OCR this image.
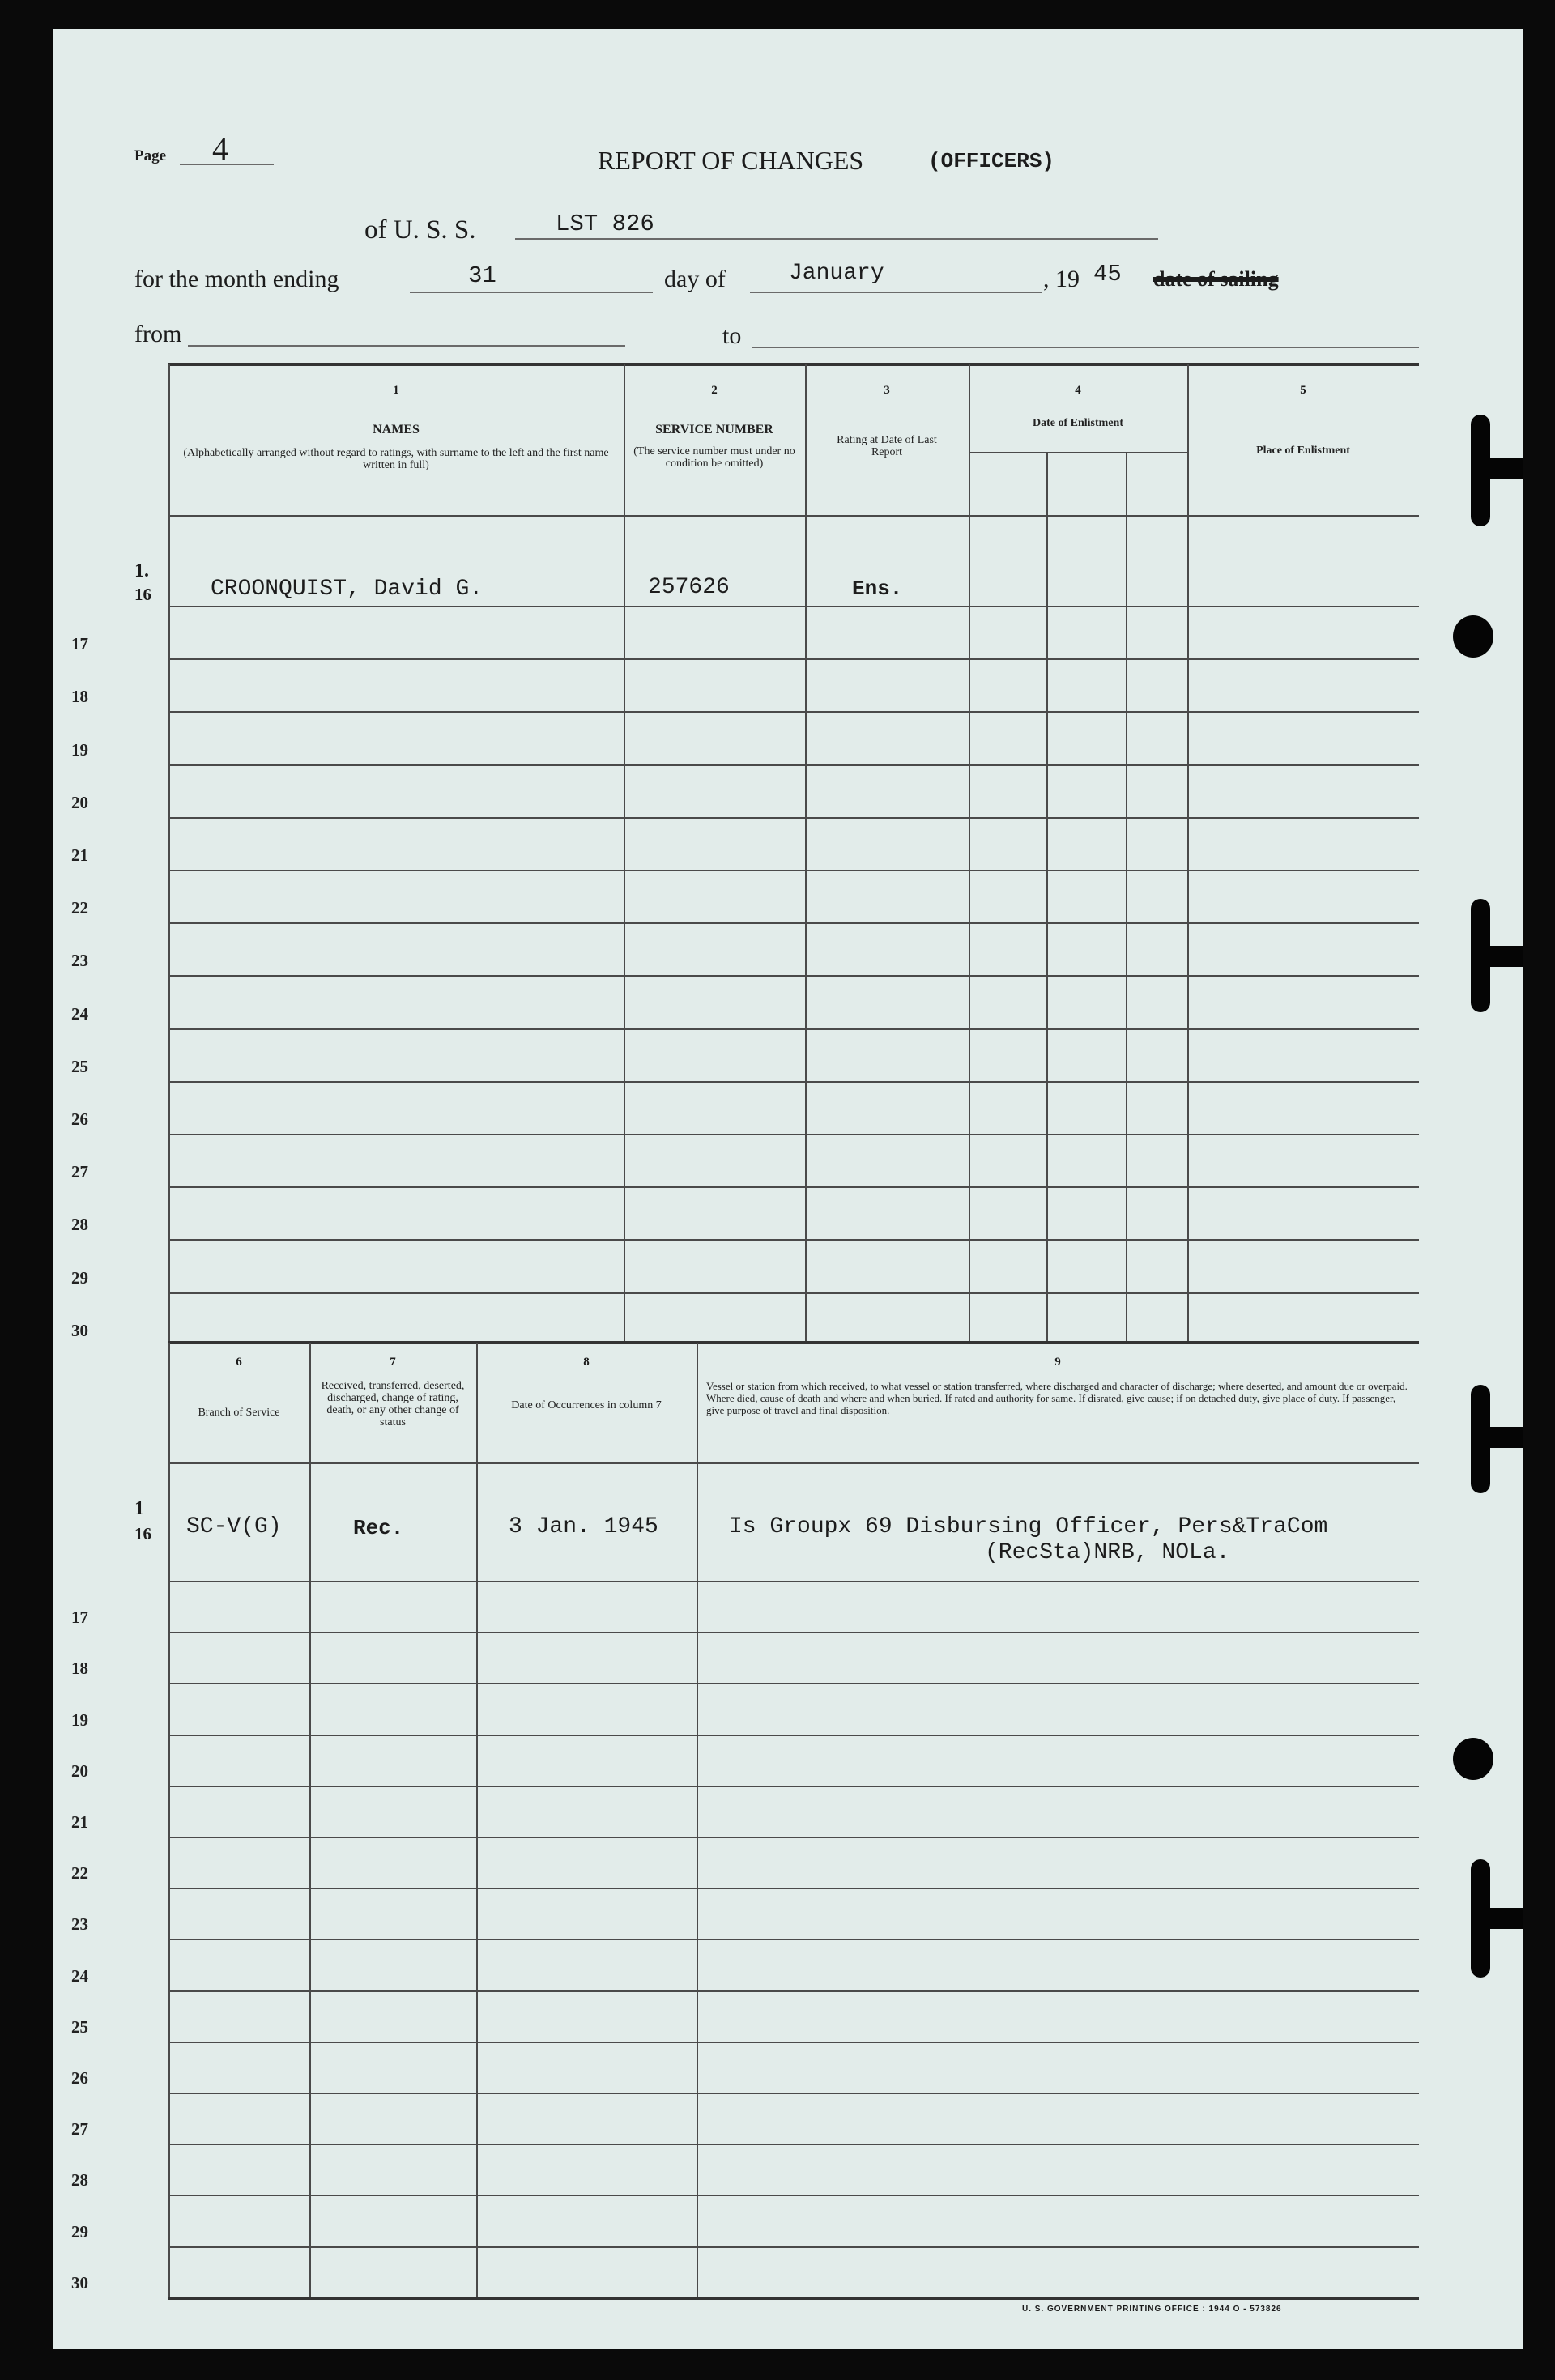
Page 4	REPORT OF CHANGES	(OFFICERS)
of U. S. S.	LST 826
for the month ending	31	day of	January	, 19 45 date of sailing
from	to
1
NAMES
(Alphabetically arranged without regard to ratings, with surname to the left and the first name written in full)
2
SERVICE NUMBER
(The service number must under no condition be omitted)
3
Rating at Date of Last Report
4
Date of Enlistment
5
Place of Enlistment
1.
16	CROONQUIST, David G.	257626	Ens.
17
18
19
20
21
22
23
24
25
26
27
28
29
30
6
Branch of Service
7
Received, transferred, deserted, discharged, change of rating, death, or any other change of status
8
Date of Occurrences in column 7
9
Vessel or station from which received, to what vessel or station transferred, where discharged and character of discharge; where deserted, and amount due or overpaid. Where died, cause of death and where and when buried. If rated and authority for same. If disrated, give cause; if on detached duty, give place of duty. If passenger, give purpose of travel and final disposition.
1
16 SC-V(G)	Rec.	3 Jan. 1945	Is Groupx 69 Disbursing Officer, Pers&TraCom
(RecSta)NRB, NOLa.
17
18
19
20
21
22
23
24
25
26
27
28
29
30
U. S. GOVERNMENT PRINTING OFFICE : 1944 O - 573826
